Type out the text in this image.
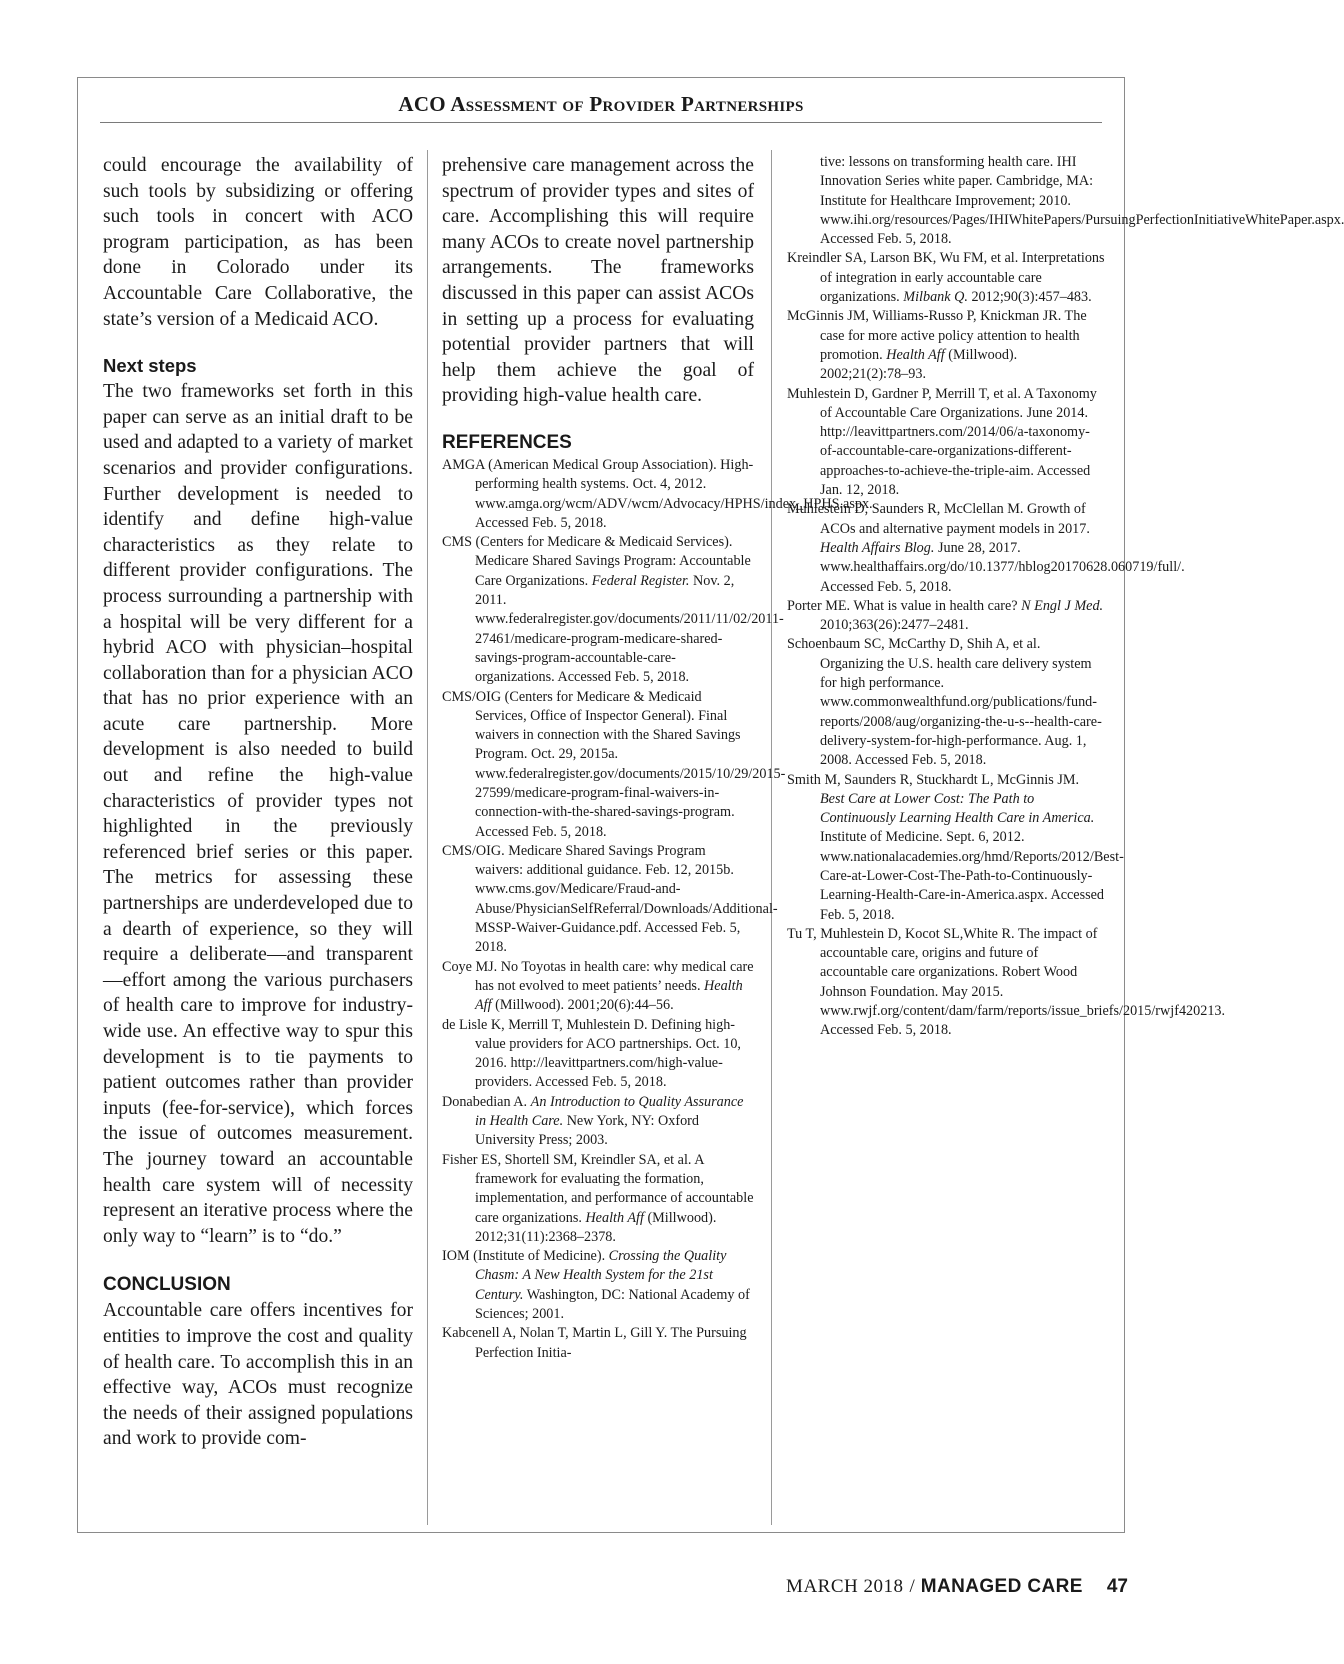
ACO Assessment of Provider Partnerships

could encourage the availability of such tools by subsidizing or offering such tools in concert with ACO program participation, as has been done in Colorado under its Accountable Care Collaborative, the state’s version of a Medicaid ACO.

Next steps

The two frameworks set forth in this paper can serve as an initial draft to be used and adapted to a variety of market scenarios and provider configurations. Further development is needed to identify and define high-value characteristics as they relate to different provider configurations. The process surrounding a partnership with a hospital will be very different for a hybrid ACO with physician–hospital collaboration than for a physician ACO that has no prior experience with an acute care partnership. More development is also needed to build out and refine the high-value characteristics of provider types not highlighted in the previously referenced brief series or this paper. The metrics for assessing these partnerships are underdeveloped due to a dearth of experience, so they will require a deliberate—and transparent—effort among the various purchasers of health care to improve for industry-wide use. An effective way to spur this development is to tie payments to patient outcomes rather than provider inputs (fee-for-service), which forces the issue of outcomes measurement. The journey toward an accountable health care system will of necessity represent an iterative process where the only way to “learn” is to “do.”

CONCLUSION

Accountable care offers incentives for entities to improve the cost and quality of health care. To accomplish this in an effective way, ACOs must recognize the needs of their assigned populations and work to provide com-

prehensive care management across the spectrum of provider types and sites of care. Accomplishing this will require many ACOs to create novel partnership arrangements. The frameworks discussed in this paper can assist ACOs in setting up a process for evaluating potential provider partners that will help them achieve the goal of providing high-value health care.

REFERENCES
AMGA (American Medical Group Association). High-performing health systems. Oct. 4, 2012. www.amga.org/wcm/ADV/wcm/Advocacy/HPHS/index_HPHS.aspx. Accessed Feb. 5, 2018.
CMS (Centers for Medicare & Medicaid Services). Medicare Shared Savings Program: Accountable Care Organizations. Federal Register. Nov. 2, 2011. www.federalregister.gov/documents/2011/11/02/2011-27461/medicare-program-medicare-shared-savings-program-accountable-care-organizations. Accessed Feb. 5, 2018.
CMS/OIG (Centers for Medicare & Medicaid Services, Office of Inspector General). Final waivers in connection with the Shared Savings Program. Oct. 29, 2015a. www.federalregister.gov/documents/2015/10/29/2015-27599/medicare-program-final-waivers-in-connection-with-the-shared-savings-program. Accessed Feb. 5, 2018.
CMS/OIG. Medicare Shared Savings Program waivers: additional guidance. Feb. 12, 2015b. www.cms.gov/Medicare/Fraud-and-Abuse/PhysicianSelfReferral/Downloads/Additional-MSSP-Waiver-Guidance.pdf. Accessed Feb. 5, 2018.
Coye MJ. No Toyotas in health care: why medical care has not evolved to meet patients’ needs. Health Aff (Millwood). 2001;20(6):44–56.
de Lisle K, Merrill T, Muhlestein D. Defining high-value providers for ACO partnerships. Oct. 10, 2016. http://leavittpartners.com/high-value-providers. Accessed Feb. 5, 2018.
Donabedian A. An Introduction to Quality Assurance in Health Care. New York, NY: Oxford University Press; 2003.
Fisher ES, Shortell SM, Kreindler SA, et al. A framework for evaluating the formation, implementation, and performance of accountable care organizations. Health Aff (Millwood). 2012;31(11):2368–2378.
IOM (Institute of Medicine). Crossing the Quality Chasm: A New Health System for the 21st Century. Washington, DC: National Academy of Sciences; 2001.
Kabcenell A, Nolan T, Martin L, Gill Y. The Pursuing Perfection Initia-
tive: lessons on transforming health care. IHI Innovation Series white paper. Cambridge, MA: Institute for Healthcare Improvement; 2010. www.ihi.org/resources/Pages/IHIWhitePapers/PursuingPerfectionInitiativeWhitePaper.aspx. Accessed Feb. 5, 2018.
Kreindler SA, Larson BK, Wu FM, et al. Interpretations of integration in early accountable care organizations. Milbank Q. 2012;90(3):457–483.
McGinnis JM, Williams-Russo P, Knickman JR. The case for more active policy attention to health promotion. Health Aff (Millwood). 2002;21(2):78–93.
Muhlestein D, Gardner P, Merrill T, et al. A Taxonomy of Accountable Care Organizations. June 2014. http://leavittpartners.com/2014/06/a-taxonomy-of-accountable-care-organizations-different-approaches-to-achieve-the-triple-aim. Accessed Jan. 12, 2018.
Muhlestein D, Saunders R, McClellan M. Growth of ACOs and alternative payment models in 2017. Health Affairs Blog. June 28, 2017. www.healthaffairs.org/do/10.1377/hblog20170628.060719/full/. Accessed Feb. 5, 2018.
Porter ME. What is value in health care? N Engl J Med. 2010;363(26):2477–2481.
Schoenbaum SC, McCarthy D, Shih A, et al. Organizing the U.S. health care delivery system for high performance. www.commonwealthfund.org/publications/fund-reports/2008/aug/organizing-the-u-s--health-care-delivery-system-for-high-performance. Aug. 1, 2008. Accessed Feb. 5, 2018.
Smith M, Saunders R, Stuckhardt L, McGinnis JM. Best Care at Lower Cost: The Path to Continuously Learning Health Care in America. Institute of Medicine. Sept. 6, 2012. www.nationalacademies.org/hmd/Reports/2012/Best-Care-at-Lower-Cost-The-Path-to-Continuously-Learning-Health-Care-in-America.aspx. Accessed Feb. 5, 2018.
Tu T, Muhlestein D, Kocot SL,White R. The impact of accountable care, origins and future of accountable care organizations. Robert Wood Johnson Foundation. May 2015. www.rwjf.org/content/dam/farm/reports/issue_briefs/2015/rwjf420213. Accessed Feb. 5, 2018.
MARCH 2018 / MANAGED CARE 47
